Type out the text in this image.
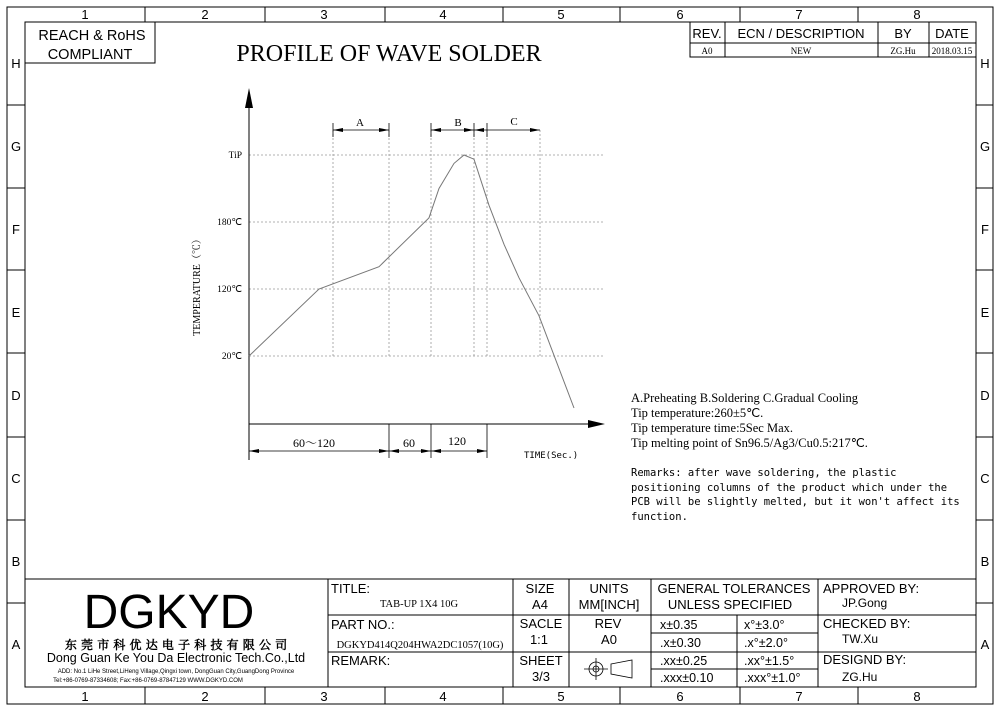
1	2	3	4	5	6	7	8
1	2	3	4	5	6	7	8
H
G
F
E
D
C
B
A
H
G
F
E
D
C
B
A
REACH & RoHS
COMPLIANT	PROFILE OF WAVE SOLDER
REV. ECN / DESCRIPTION BY DATE
A0	NEW	ZG.Hu 2018.03.15
TiP
180℃
120℃
20℃
TEMPERATURE（℃）
TIME(Sec.)
A	B	C
60～120	60	120
DGKYD
东 莞 市 科 优 达 电 子 科 技 有 限 公 司
Dong Guan Ke You Da Electronic Tech.Co.,Ltd
ADD: No.1 LiHe Street,LiHeng Village,Qingxi town, DongGuan City,GuangDong Province
Tel:+86-0769-87334608; Fax:+86-0769-87847129 WWW.DGKYD.COM
TITLE:
TAB-UP 1X4 10G
PART NO.:
DGKYD414Q204HWA2DC1057(10G)
REMARK:
SIZE
A4
SACLE
1:1
SHEET
3/3
UNITS
MM[INCH]
REV
A0
GENERAL TOLERANCES
UNLESS SPECIFIED
x±0.35	x°±3.0°
.x±0.30	.x°±2.0°
.xx±0.25	.xx°±1.5°
.xxx±0.10 .xxx°±1.0°
APPROVED BY:
JP.Gong
CHECKED BY:
TW.Xu
DESIGND BY:
ZG.Hu
A.Preheating B.Soldering C.Gradual Cooling
Tip temperature:260±5℃.
Tip temperature time:5Sec Max.
Tip melting point of Sn96.5/Ag3/Cu0.5:217℃.
Remarks: after wave soldering, the plastic positioning columns of the product which under the PCB will be slightly melted, but it won't affect its function.
